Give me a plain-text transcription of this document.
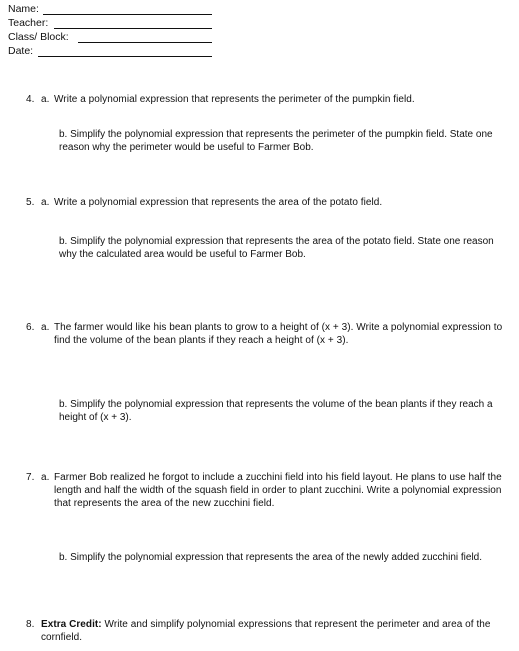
Name:
Teacher:
Class/ Block:
Date:
4. a. Write a polynomial expression that represents the perimeter of the pumpkin field.
b. Simplify the polynomial expression that represents the perimeter of the pumpkin field. State one reason why the perimeter would be useful to Farmer Bob.
5. a. Write a polynomial expression that represents the area of the potato field.
b. Simplify the polynomial expression that represents the area of the potato field. State one reason why the calculated area would be useful to Farmer Bob.
6. a. The farmer would like his bean plants to grow to a height of (x + 3). Write a polynomial expression to find the volume of the bean plants if they reach a height of (x + 3).
b. Simplify the polynomial expression that represents the volume of the bean plants if they reach a height of (x + 3).
7. a. Farmer Bob realized he forgot to include a zucchini field into his field layout. He plans to use half the length and half the width of the squash field in order to plant zucchini. Write a polynomial expression that represents the area of the new zucchini field.
b. Simplify the polynomial expression that represents the area of the newly added zucchini field.
8. Extra Credit: Write and simplify polynomial expressions that represent the perimeter and area of the cornfield.
